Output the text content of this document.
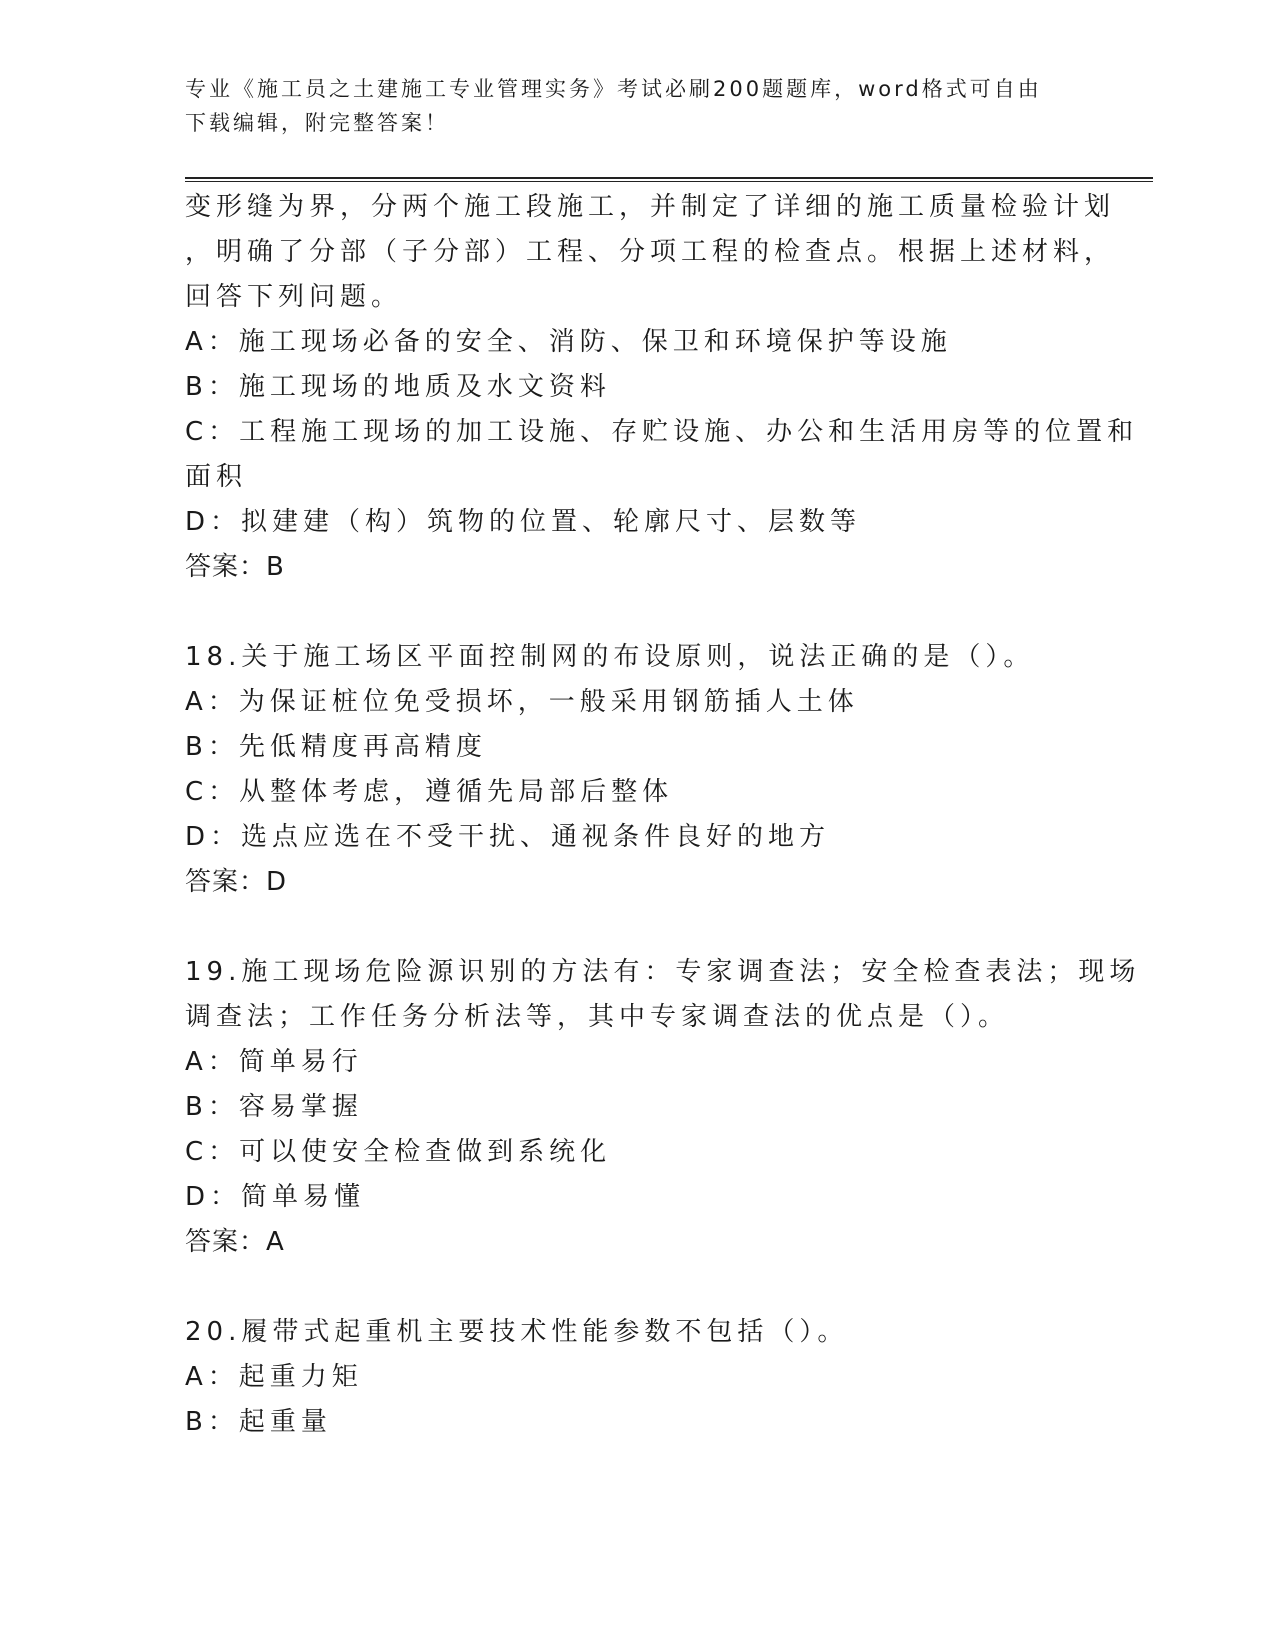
专业《施工员之土建施工专业管理实务》考试必刷200题题库，word格式可自由
下载编辑，附完整答案！
变形缝为界，分两个施工段施工，并制定了详细的施工质量检验计划
，明确了分部（子分部）工程、分项工程的检查点。根据上述材料，
回答下列问题。
A：施工现场必备的安全、消防、保卫和环境保护等设施
B：施工现场的地质及水文资料
C：工程施工现场的加工设施、存贮设施、办公和生活用房等的位置和
面积
D：拟建建（构）筑物的位置、轮廓尺寸、层数等
答案：B
18.关于施工场区平面控制网的布设原则，说法正确的是（）。
A：为保证桩位免受损坏，一般采用钢筋插人土体
B：先低精度再高精度
C：从整体考虑，遵循先局部后整体
D：选点应选在不受干扰、通视条件良好的地方
答案：D
19.施工现场危险源识别的方法有：专家调查法；安全检查表法；现场
调查法；工作任务分析法等，其中专家调查法的优点是（）。
A：简单易行
B：容易掌握
C：可以使安全检查做到系统化
D：简单易懂
答案：A
20.履带式起重机主要技术性能参数不包括（）。
A：起重力矩
B：起重量
